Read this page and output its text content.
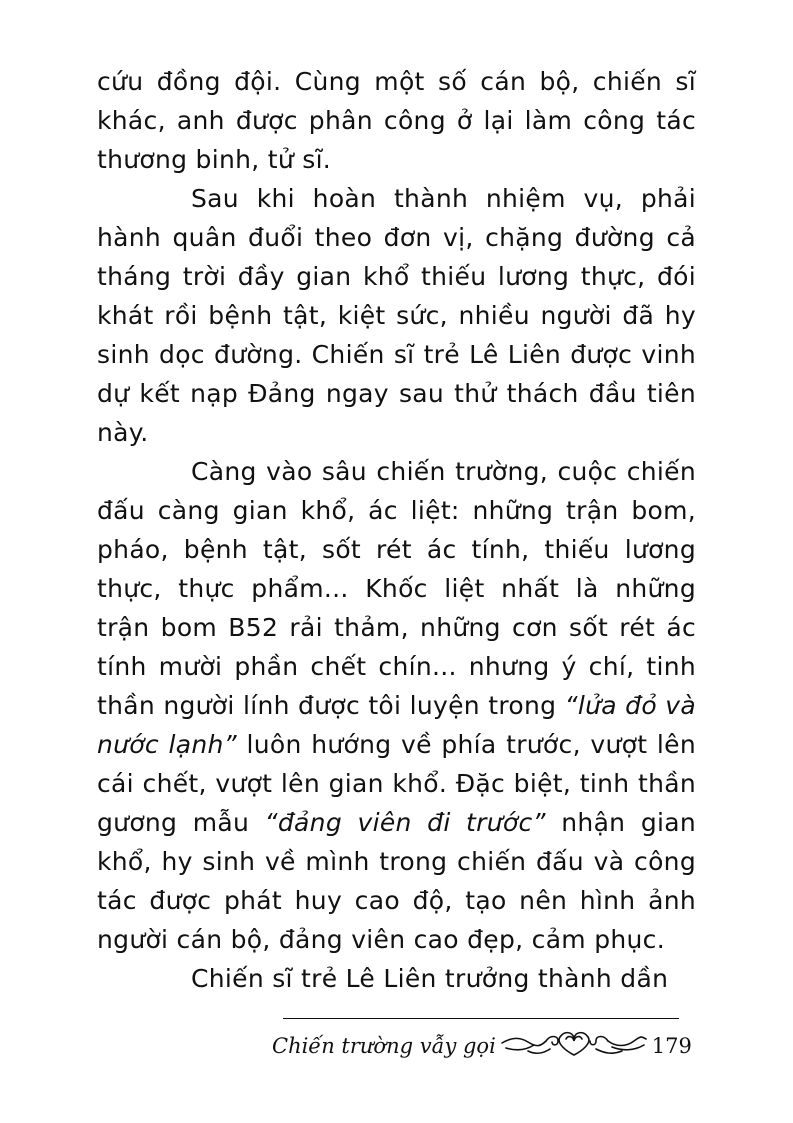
cứu đồng đội. Cùng một số cán bộ, chiến sĩ khác, anh được phân công ở lại làm công tác thương binh, tử sĩ.

Sau khi hoàn thành nhiệm vụ, phải hành quân đuổi theo đơn vị, chặng đường cả tháng trời đầy gian khổ thiếu lương thực, đói khát rồi bệnh tật, kiệt sức, nhiều người đã hy sinh dọc đường. Chiến sĩ trẻ Lê Liên được vinh dự kết nạp Đảng ngay sau thử thách đầu tiên này.

Càng vào sâu chiến trường, cuộc chiến đấu càng gian khổ, ác liệt: những trận bom, pháo, bệnh tật, sốt rét ác tính, thiếu lương thực, thực phẩm... Khốc liệt nhất là những trận bom B52 rải thảm, những cơn sốt rét ác tính mười phần chết chín... nhưng ý chí, tinh thần người lính được tôi luyện trong “lửa đỏ và nước lạnh” luôn hướng về phía trước, vượt lên cái chết, vượt lên gian khổ. Đặc biệt, tinh thần gương mẫu “đảng viên đi trước” nhận gian khổ, hy sinh về mình trong chiến đấu và công tác được phát huy cao độ, tạo nên hình ảnh người cán bộ, đảng viên cao đẹp, cảm phục.

Chiến sĩ trẻ Lê Liên trưởng thành dần

Chiến trường vẫy gọi	179
